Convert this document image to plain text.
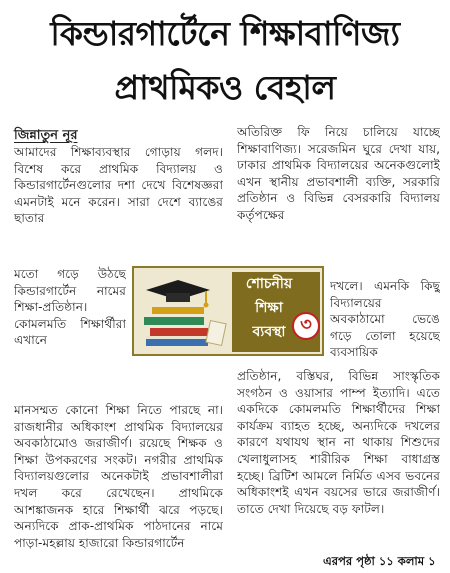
কিন্ডারগার্টেনে শিক্ষাবাণিজ্য
প্রাথমিকও বেহাল
জিন্নাতুন নূর
আমাদের শিক্ষাব্যবস্থার গোড়ায় গলদ। বিশেষ করে প্রাথমিক বিদ্যালয় ও কিন্ডারগার্টেনগুলোর দশা দেখে বিশেষজ্ঞরা এমনটাই মনে করেন। সারা দেশে ব্যাঙের ছাতার
মতো গড়ে উঠছে কিন্ডারগার্টেন নামের শিক্ষা-প্রতিষ্ঠান। কোমলমতি শিক্ষার্থীরা এখানে
মানসম্মত কোনো শিক্ষা নিতে পারছে না। রাজধানীর অধিকাংশ প্রাথমিক বিদ্যালয়ের অবকাঠামোও জরাজীর্ণ। রয়েছে শিক্ষক ও শিক্ষা উপকরণের সংকট। নগরীর প্রাথমিক বিদ্যালয়গুলোর অনেকটাই প্রভাবশালীরা দখল করে রেখেছেন। প্রাথমিকে আশঙ্কাজনক হারে শিক্ষার্থী ঝরে পড়ছে। অন্যদিকে প্রাক-প্রাথমিক পাঠদানের নামে পাড়া-মহল্লায় হাজারো কিন্ডারগার্টেন
অতিরিক্ত ফি নিয়ে চালিয়ে যাচ্ছে শিক্ষাবাণিজ্য। সরেজমিন ঘুরে দেখা যায়, ঢাকার প্রাথমিক বিদ্যালয়ের অনেকগুলোই এখন স্থানীয় প্রভাবশালী ব্যক্তি, সরকারি প্রতিষ্ঠান ও বিভিন্ন বেসরকারি বিদ্যালয় কর্তৃপক্ষের
দখলে। এমনকি কিছু বিদ্যালয়ের অবকাঠামো ভেঙে গড়ে তোলা হয়েছে ব্যবসায়িক
প্রতিষ্ঠান, বস্তিঘর, বিভিন্ন সাংস্কৃতিক সংগঠন ও ওয়াসার পাম্প ইত্যাদি। এতে একদিকে কোমলমতি শিক্ষার্থীদের শিক্ষা কার্যক্রম ব্যাহত হচ্ছে, অন্যদিকে দখলের কারণে যথাযথ স্থান না থাকায় শিশুদের খেলাধুলাসহ শারীরিক শিক্ষা বাধাগ্রস্ত হচ্ছে। ব্রিটিশ আমলে নির্মিত এসব ভবনের অধিকাংশই এখন বয়সের ভারে জরাজীর্ণ। তাতে দেখা দিয়েছে বড় ফাটল।
এরপর পৃষ্ঠা ১১ কলাম ১
শোচনীয়
শিক্ষা
ব্যবস্থা ৩
